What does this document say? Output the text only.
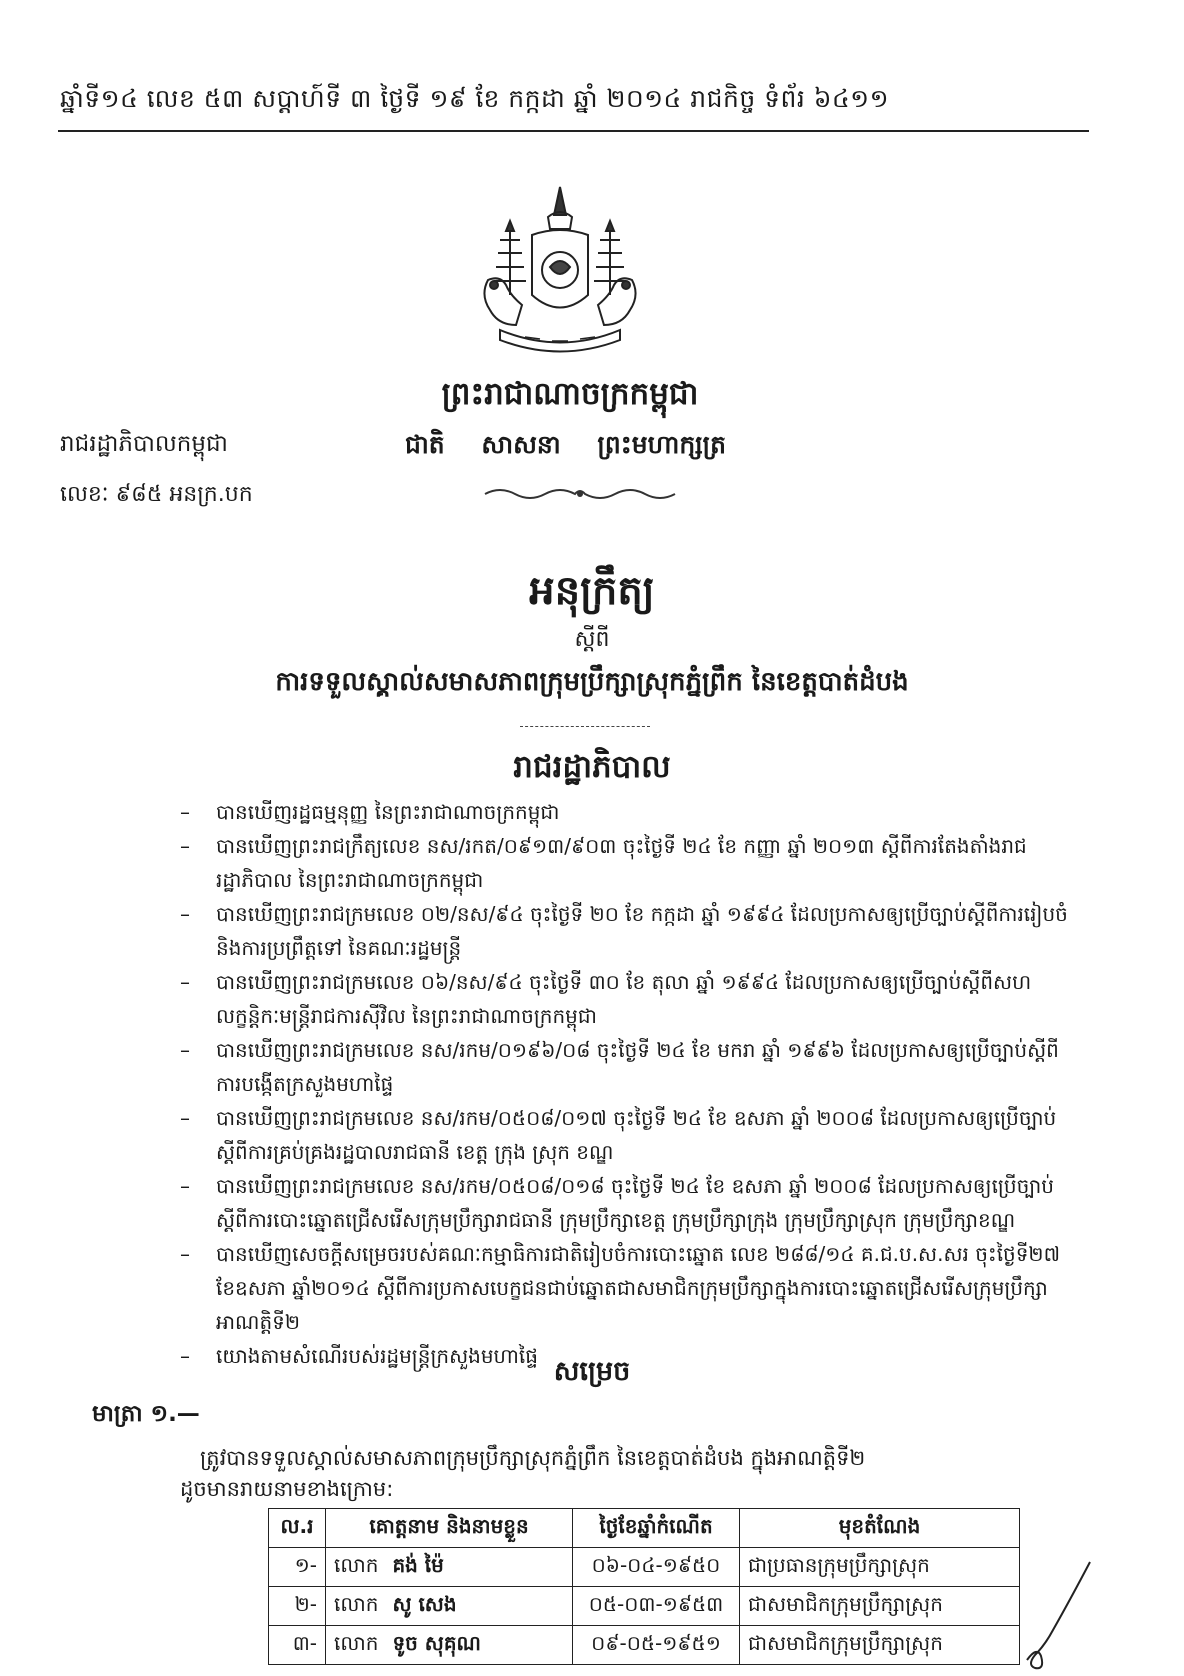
ឆ្នាំទី១៤ លេខ ៥៣ សប្តាហ៍ទី ៣ ថ្ងៃទី ១៩ ខែ កក្កដា ឆ្នាំ ២០១៤ រាជកិច្ច ទំព័រ ៦៤១១
ព្រះរាជាណាចក្រកម្ពុជា
រាជរដ្ឋាភិបាលកម្ពុជា	ជាតិ សាសនា ព្រះមហាក្សត្រ
លេខៈ ៩៨៥ អនក្រ.បក
អនុក្រឹត្យ
ស្តីពី
ការទទួលស្គាល់សមាសភាពក្រុមប្រឹក្សាស្រុកភ្នំព្រឹក នៃខេត្តបាត់ដំបង
រាជរដ្ឋាភិបាល
– បានឃើញរដ្ឋធម្មនុញ្ញ នៃព្រះរាជាណាចក្រកម្ពុជា
– បានឃើញព្រះរាជក្រឹត្យលេខ នស/រកត/០៩១៣/៩០៣ ចុះថ្ងៃទី ២៤ ខែ កញ្ញា ឆ្នាំ ២០១៣ ស្តីពីការតែងតាំងរាជរដ្ឋាភិបាល នៃព្រះរាជាណាចក្រកម្ពុជា
– បានឃើញព្រះរាជក្រមលេខ ០២/នស/៩៤ ចុះថ្ងៃទី ២០ ខែ កក្កដា ឆ្នាំ ១៩៩៤ ដែលប្រកាសឲ្យប្រើច្បាប់ស្តីពីការរៀបចំ និងការប្រព្រឹត្តទៅ នៃគណៈរដ្ឋមន្ត្រី
– បានឃើញព្រះរាជក្រមលេខ ០៦/នស/៩៤ ចុះថ្ងៃទី ៣០ ខែ តុលា ឆ្នាំ ១៩៩៤ ដែលប្រកាសឲ្យប្រើច្បាប់ស្តីពីសហលក្ខន្តិកៈមន្ត្រីរាជការស៊ីវិល នៃព្រះរាជាណាចក្រកម្ពុជា
– បានឃើញព្រះរាជក្រមលេខ នស/រកម/០១៩៦/០៨ ចុះថ្ងៃទី ២៤ ខែ មករា ឆ្នាំ ១៩៩៦ ដែលប្រកាសឲ្យប្រើច្បាប់ស្តីពីការបង្កើតក្រសួងមហាផ្ទៃ
– បានឃើញព្រះរាជក្រមលេខ នស/រកម/០៥០៨/០១៧ ចុះថ្ងៃទី ២៤ ខែ ឧសភា ឆ្នាំ ២០០៨ ដែលប្រកាសឲ្យប្រើច្បាប់ស្តីពីការគ្រប់គ្រងរដ្ឋបាលរាជធានី ខេត្ត ក្រុង ស្រុក ខណ្ឌ
– បានឃើញព្រះរាជក្រមលេខ នស/រកម/០៥០៨/០១៨ ចុះថ្ងៃទី ២៤ ខែ ឧសភា ឆ្នាំ ២០០៨ ដែលប្រកាសឲ្យប្រើច្បាប់ស្តីពីការបោះឆ្នោតជ្រើសរើសក្រុមប្រឹក្សារាជធានី ក្រុមប្រឹក្សាខេត្ត ក្រុមប្រឹក្សាក្រុង ក្រុមប្រឹក្សាស្រុក ក្រុមប្រឹក្សាខណ្ឌ
– បានឃើញសេចក្តីសម្រេចរបស់គណៈកម្មាធិការជាតិរៀបចំការបោះឆ្នោត លេខ ២៨៨/១៤ គ.ជ.ប.ស.សរ ចុះថ្ងៃទី២៧ ខែឧសភា ឆ្នាំ២០១៤ ស្តីពីការប្រកាសបេក្ខជនជាប់ឆ្នោតជាសមាជិកក្រុមប្រឹក្សាក្នុងការបោះឆ្នោតជ្រើសរើសក្រុមប្រឹក្សាអាណត្តិទី២
– យោងតាមសំណើរបស់រដ្ឋមន្ត្រីក្រសួងមហាផ្ទៃ សម្រេច
មាត្រា ១.—
ត្រូវបានទទួលស្គាល់សមាសភាពក្រុមប្រឹក្សាស្រុកភ្នំព្រឹក នៃខេត្តបាត់ដំបង ក្នុងអាណត្តិទី២
ដូចមានរាយនាមខាងក្រោម:
ល.រ	គោត្តនាម និងនាមខ្លួន	ថ្ងៃខែឆ្នាំកំណើត	មុខតំណែង
១-	លោក គង់ ម៉ៃ	០៦-០៤-១៩៥០	ជាប្រធានក្រុមប្រឹក្សាស្រុក
២-	លោក សូ សេង	០៥-០៣-១៩៥៣	ជាសមាជិកក្រុមប្រឹក្សាស្រុក
៣-	លោក ទូច សុគុណ	០៩-០៥-១៩៥១	ជាសមាជិកក្រុមប្រឹក្សាស្រុក
